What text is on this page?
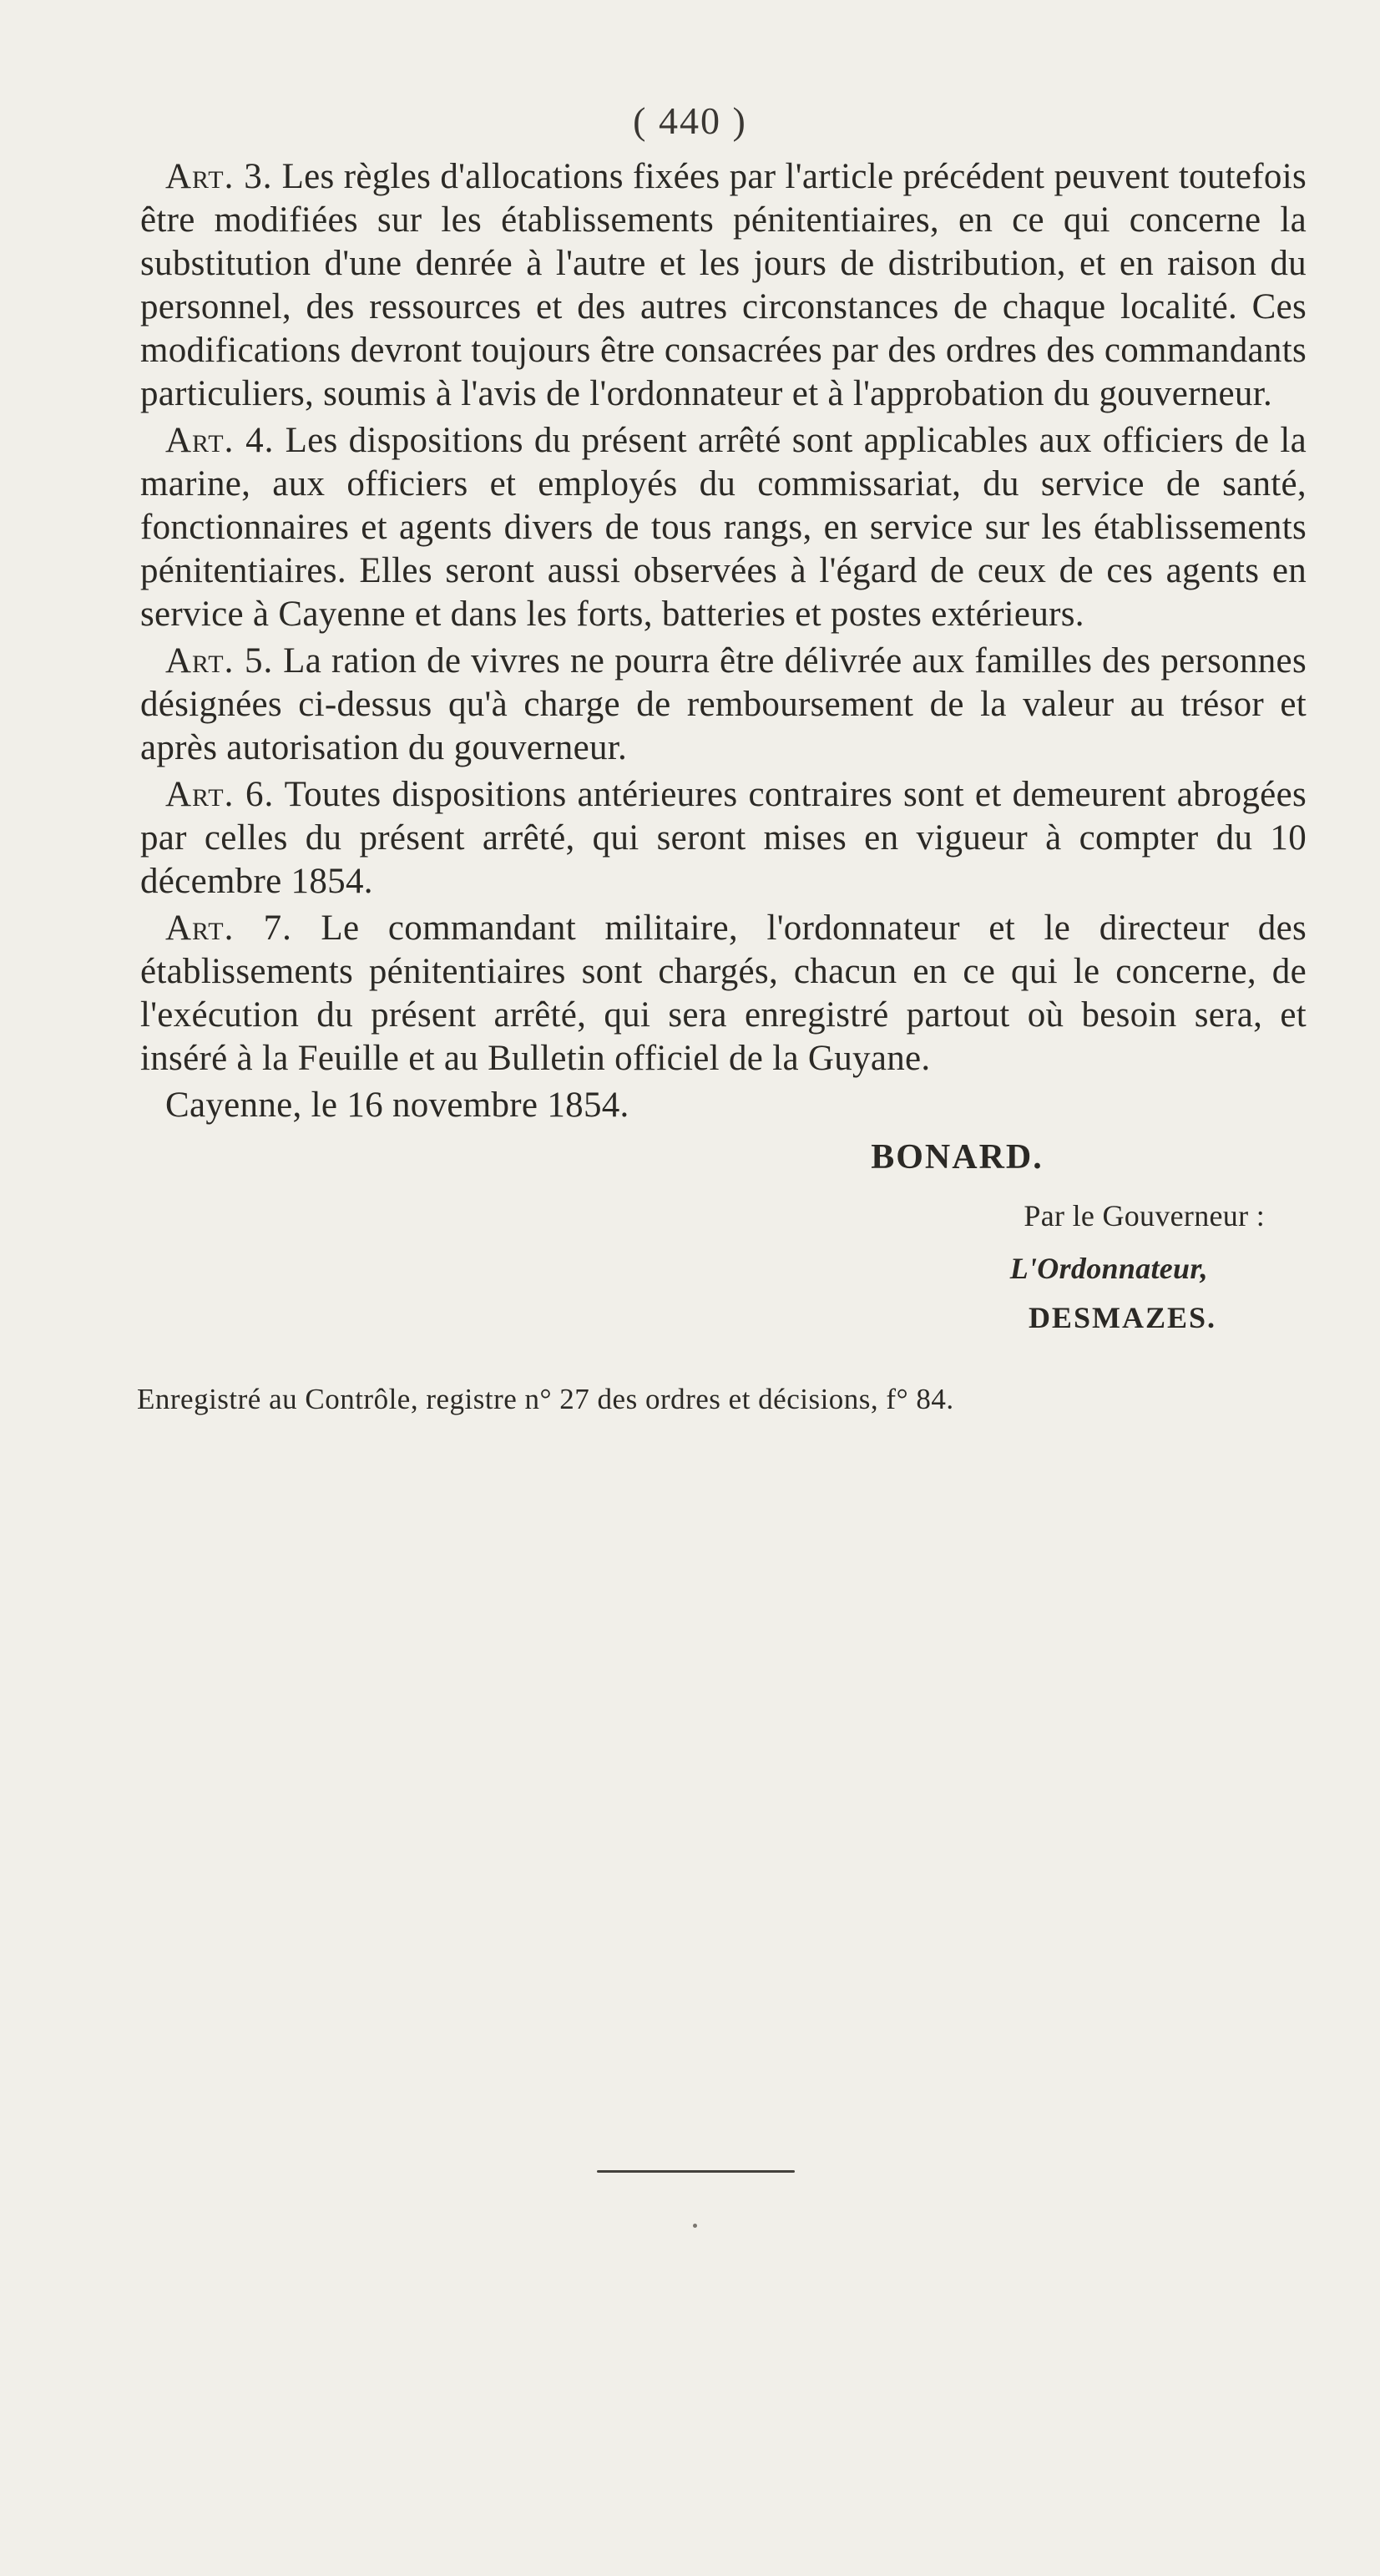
( 440 )

Art. 3. Les règles d'allocations fixées par l'article précédent peuvent toutefois être modifiées sur les établissements pénitentiaires, en ce qui concerne la substitution d'une denrée à l'autre et les jours de distribution, et en raison du personnel, des ressources et des autres circonstances de chaque localité. Ces modifications devront toujours être consacrées par des ordres des commandants particuliers, soumis à l'avis de l'ordonnateur et à l'approbation du gouverneur.

Art. 4. Les dispositions du présent arrêté sont applicables aux officiers de la marine, aux officiers et employés du commissariat, du service de santé, fonctionnaires et agents divers de tous rangs, en service sur les établissements pénitentiaires. Elles seront aussi observées à l'égard de ceux de ces agents en service à Cayenne et dans les forts, batteries et postes extérieurs.

Art. 5. La ration de vivres ne pourra être délivrée aux familles des personnes désignées ci-dessus qu'à charge de remboursement de la valeur au trésor et après autorisation du gouverneur.

Art. 6. Toutes dispositions antérieures contraires sont et demeurent abrogées par celles du présent arrêté, qui seront mises en vigueur à compter du 10 décembre 1854.

Art. 7. Le commandant militaire, l'ordonnateur et le directeur des établissements pénitentiaires sont chargés, chacun en ce qui le concerne, de l'exécution du présent arrêté, qui sera enregistré partout où besoin sera, et inséré à la Feuille et au Bulletin officiel de la Guyane.

Cayenne, le 16 novembre 1854.

BONARD.
Par le Gouverneur :
L'Ordonnateur,
DESMAZES.
Enregistré au Contrôle, registre n° 27 des ordres et décisions, f° 84.
